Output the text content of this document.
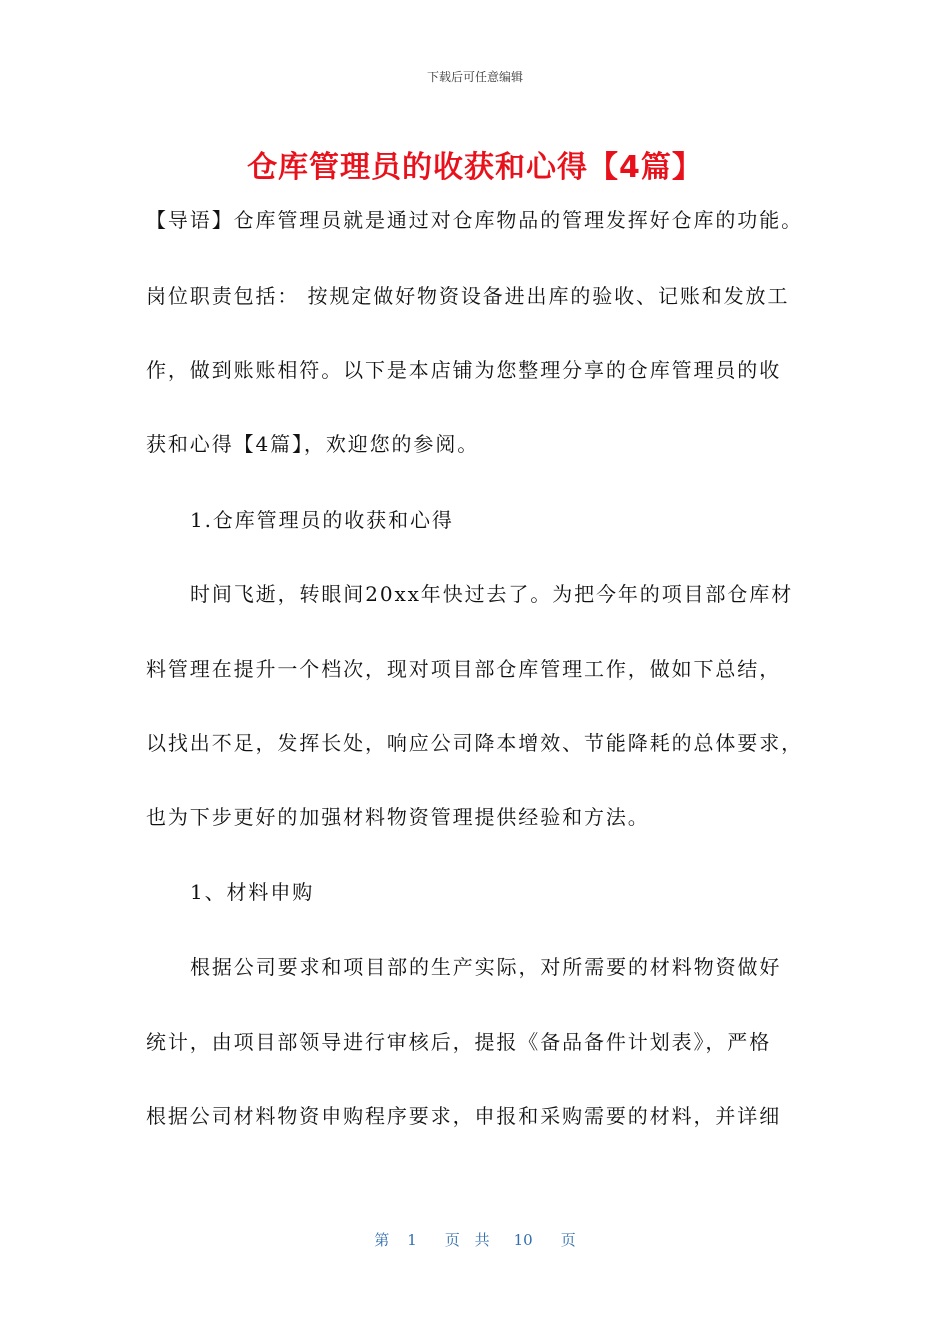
下载后可任意编辑
仓库管理员的收获和心得【4篇】
【导语】仓库管理员就是通过对仓库物品的管理发挥好仓库的功能。
岗位职责包括： 按规定做好物资设备进出库的验收、记账和发放工
作，做到账账相符。以下是本店铺为您整理分享的仓库管理员的收
获和心得【4篇】，欢迎您的参阅。
1.仓库管理员的收获和心得
时间飞逝，转眼间20xx年快过去了。为把今年的项目部仓库材
料管理在提升一个档次，现对项目部仓库管理工作，做如下总结，
以找出不足，发挥长处，响应公司降本增效、节能降耗的总体要求，
也为下步更好的加强材料物资管理提供经验和方法。
1、材料申购
根据公司要求和项目部的生产实际，对所需要的材料物资做好
统计，由项目部领导进行审核后，提报《备品备件计划表》，严格
根据公司材料物资申购程序要求，申报和采购需要的材料，并详细
第 1 页 共 10 页
